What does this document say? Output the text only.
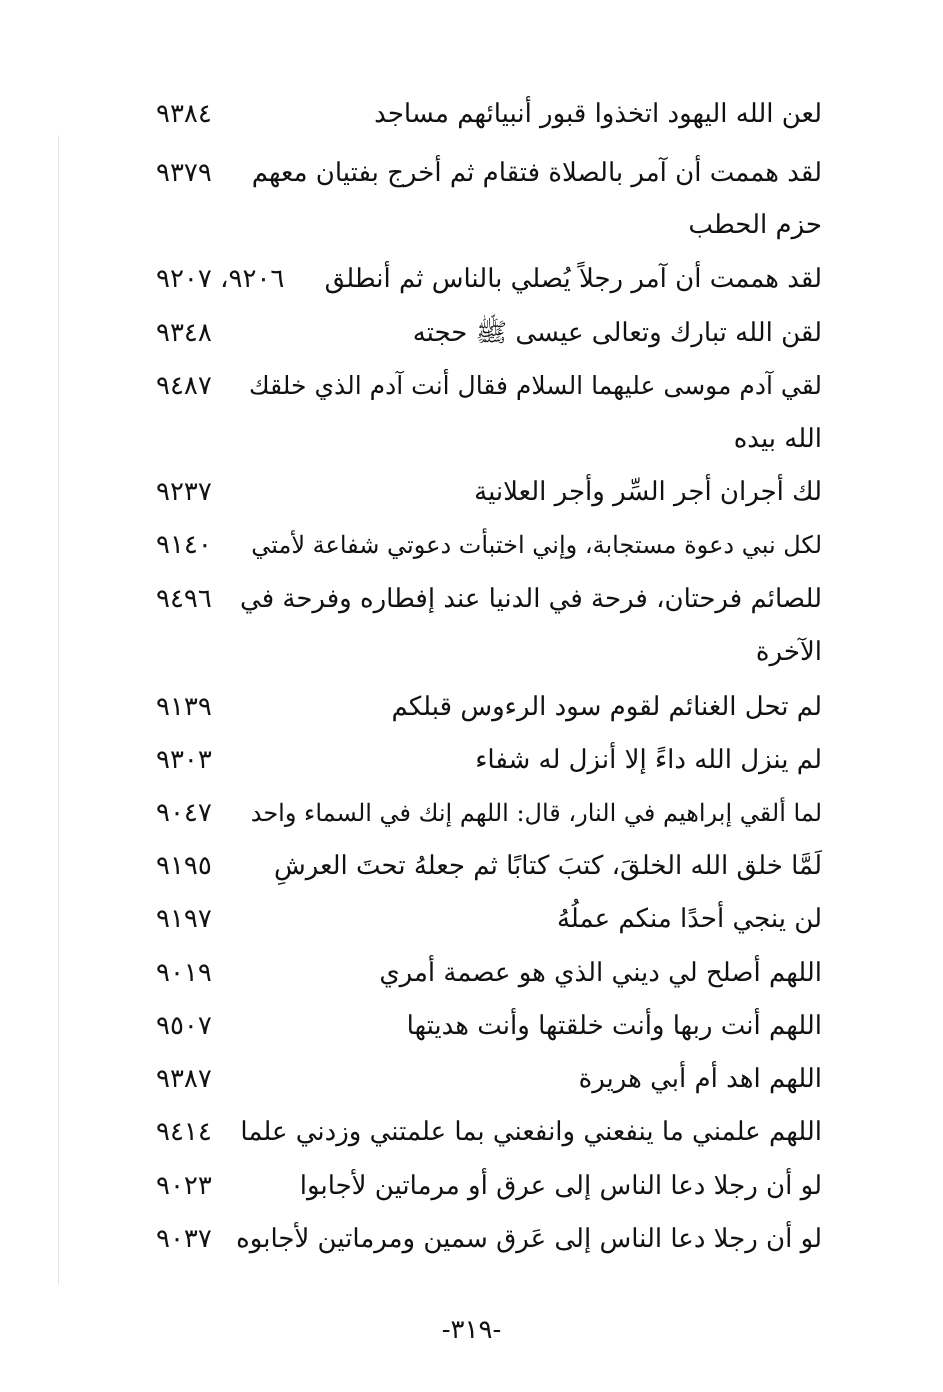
لعن الله اليهود اتخذوا قبور أنبيائهم مساجد
٩٣٨٤
لقد هممت أن آمر بالصلاة فتقام ثم أخرج بفتيان معهم
٩٣٧٩
حزم الحطب
لقد هممت أن آمر رجلاً يُصلي بالناس ثم أنطلق
٩٢٠٦، ٩٢٠٧
لقن الله تبارك وتعالى عيسى ﷺ حجته
٩٣٤٨
لقي آدم موسى عليهما السلام فقال أنت آدم الذي خلقك
٩٤٨٧
الله بيده
لك أجران أجر السِّر وأجر العلانية
٩٢٣٧
لكل نبي دعوة مستجابة، وإني اختبأت دعوتي شفاعة لأمتي
٩١٤٠
للصائم فرحتان، فرحة في الدنيا عند إفطاره وفرحة في
٩٤٩٦
الآخرة
لم تحل الغنائم لقوم سود الرءوس قبلكم
٩١٣٩
لم ينزل الله داءً إلا أنزل له شفاء
٩٣٠٣
لما ألقي إبراهيم في النار، قال: اللهم إنك في السماء واحد
٩٠٤٧
لَمَّا خلق الله الخلقَ، كتبَ كتابًا ثم جعلهُ تحتَ العرشِ
٩١٩٥
لن ينجي أحدًا منكم عملُهُ
٩١٩٧
اللهم أصلح لي ديني الذي هو عصمة أمري
٩٠١٩
اللهم أنت ربها وأنت خلقتها وأنت هديتها
٩٥٠٧
اللهم اهد أم أبي هريرة
٩٣٨٧
اللهم علمني ما ينفعني وانفعني بما علمتني وزدني علما
٩٤١٤
لو أن رجلا دعا الناس إلى عرق أو مرماتين لأجابوا
٩٠٢٣
لو أن رجلا دعا الناس إلى عَرق سمين ومرماتين لأجابوه
٩٠٣٧
-٣١٩-
